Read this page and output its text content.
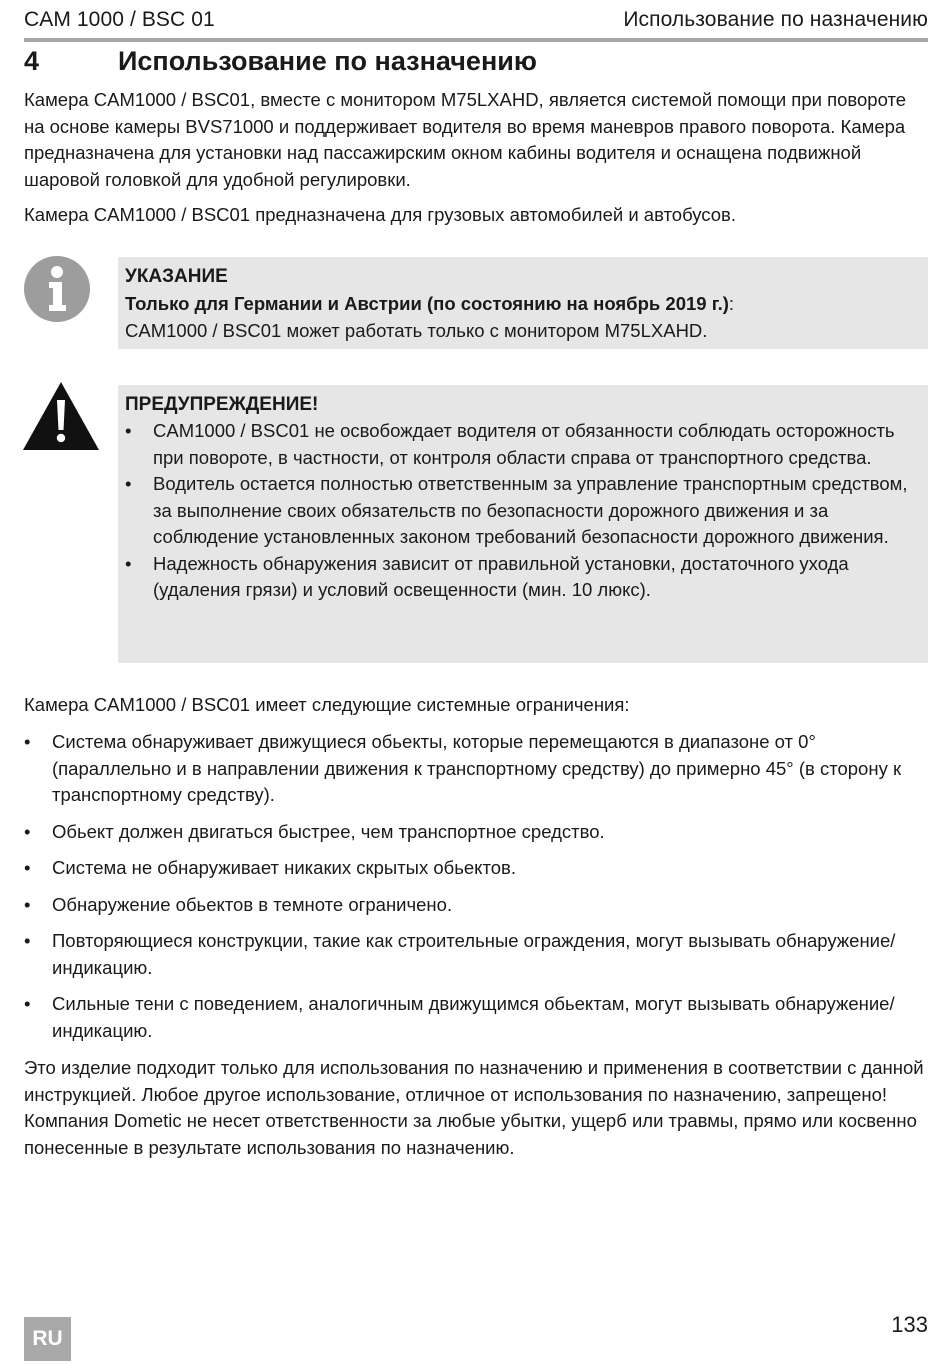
CAM 1000 / BSC 01	Использование по назначению
4	Использование по назначению
Камера CAM1000 / BSC01, вместе с монитором M75LXAHD, является системой помощи при повороте на основе камеры BVS71000 и поддерживает водителя во время маневров правого поворота. Камера предназначена для установки над пассажирским окном кабины водителя и оснащена подвижной шаровой головкой для удобной регулировки.
Камера CAM1000 / BSC01 предназначена для грузовых автомобилей и автобусов.
УКАЗАНИЕ
Только для Германии и Австрии (по состоянию на ноябрь 2019 г.):
CAM1000 / BSC01 может работать только с монитором M75LXAHD.
ПРЕДУПРЕЖДЕНИЕ!
• CAM1000 / BSC01 не освобождает водителя от обязанности соблюдать осторожность при повороте, в частности, от контроля области справа от транспортного средства.
• Водитель остается полностью ответственным за управление транспортным средством, за выполнение своих обязательств по безопасности дорожного движения и за соблюдение установленных законом требований безопасности дорожного движения.
• Надежность обнаружения зависит от правильной установки, достаточного ухода (удаления грязи) и условий освещенности (мин. 10 люкс).
Камера CAM1000 / BSC01 имеет следующие системные ограничения:
• Система обнаруживает движущиеся обьекты, которые перемещаются в диапазоне от 0° (параллельно и в направлении движения к транспортному средству) до примерно 45° (в сторону к транспортному средству).
• Обьект должен двигаться быстрее, чем транспортное средство.
• Система не обнаруживает никаких скрытых обьектов.
• Обнаружение обьектов в темноте ограничено.
• Повторяющиеся конструкции, такие как строительные ограждения, могут вызывать обнаружение/индикацию.
• Сильные тени с поведением, аналогичным движущимся обьектам, могут вызывать обнаружение/индикацию.
Это изделие подходит только для использования по назначению и применения в соответствии с данной инструкцией. Любое другое использование, отличное от использования по назначению, запрещено! Компания Dometic не несет ответственности за любые убытки, ущерб или травмы, прямо или косвенно понесенные в результате использования по назначению.
RU
133
